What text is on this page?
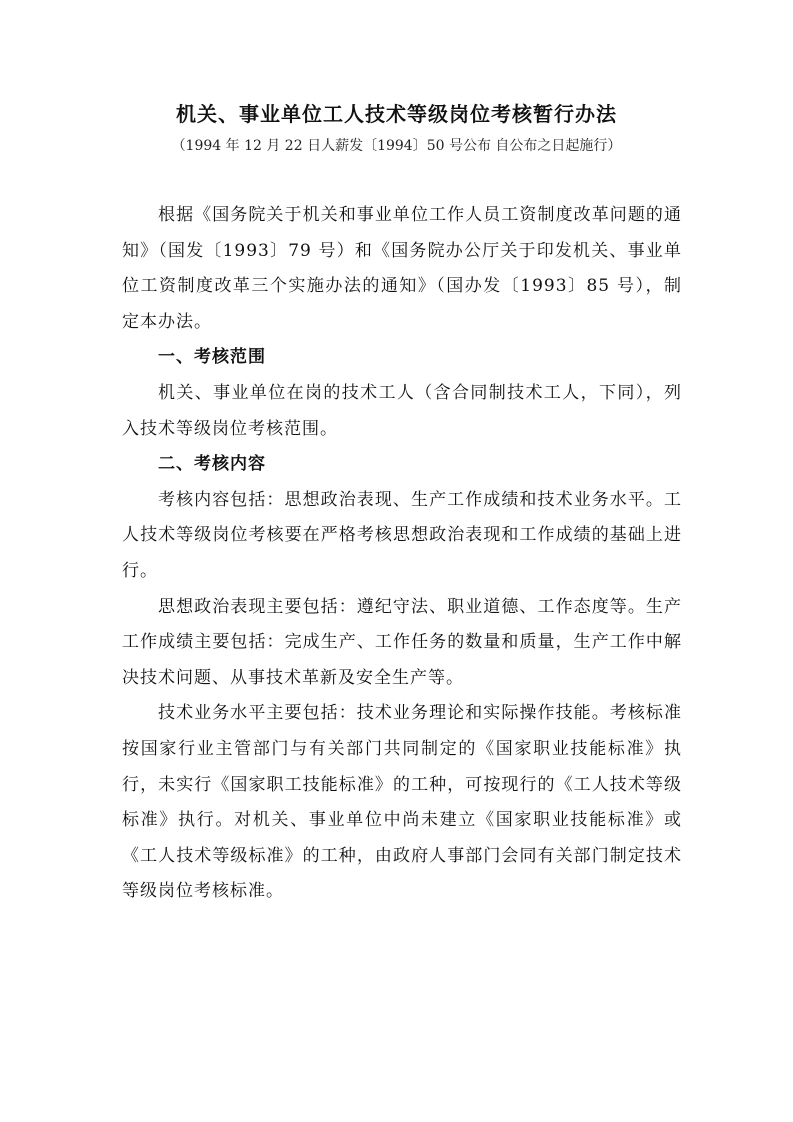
机关、事业单位工人技术等级岗位考核暂行办法

（1994 年 12 月 22 日人薪发〔1994〕50 号公布 自公布之日起施行）

根据《国务院关于机关和事业单位工作人员工资制度改革问题的通知》（国发〔1993〕79 号）和《国务院办公厅关于印发机关、事业单位工资制度改革三个实施办法的通知》（国办发〔1993〕85 号），制定本办法。

一、考核范围

机关、事业单位在岗的技术工人（含合同制技术工人，下同），列入技术等级岗位考核范围。

二、考核内容

考核内容包括：思想政治表现、生产工作成绩和技术业务水平。工人技术等级岗位考核要在严格考核思想政治表现和工作成绩的基础上进行。

思想政治表现主要包括：遵纪守法、职业道德、工作态度等。生产工作成绩主要包括：完成生产、工作任务的数量和质量，生产工作中解决技术问题、从事技术革新及安全生产等。

技术业务水平主要包括：技术业务理论和实际操作技能。考核标准按国家行业主管部门与有关部门共同制定的《国家职业技能标准》执行，未实行《国家职工技能标准》的工种，可按现行的《工人技术等级标准》执行。对机关、事业单位中尚未建立《国家职业技能标准》或《工人技术等级标准》的工种，由政府人事部门会同有关部门制定技术等级岗位考核标准。
